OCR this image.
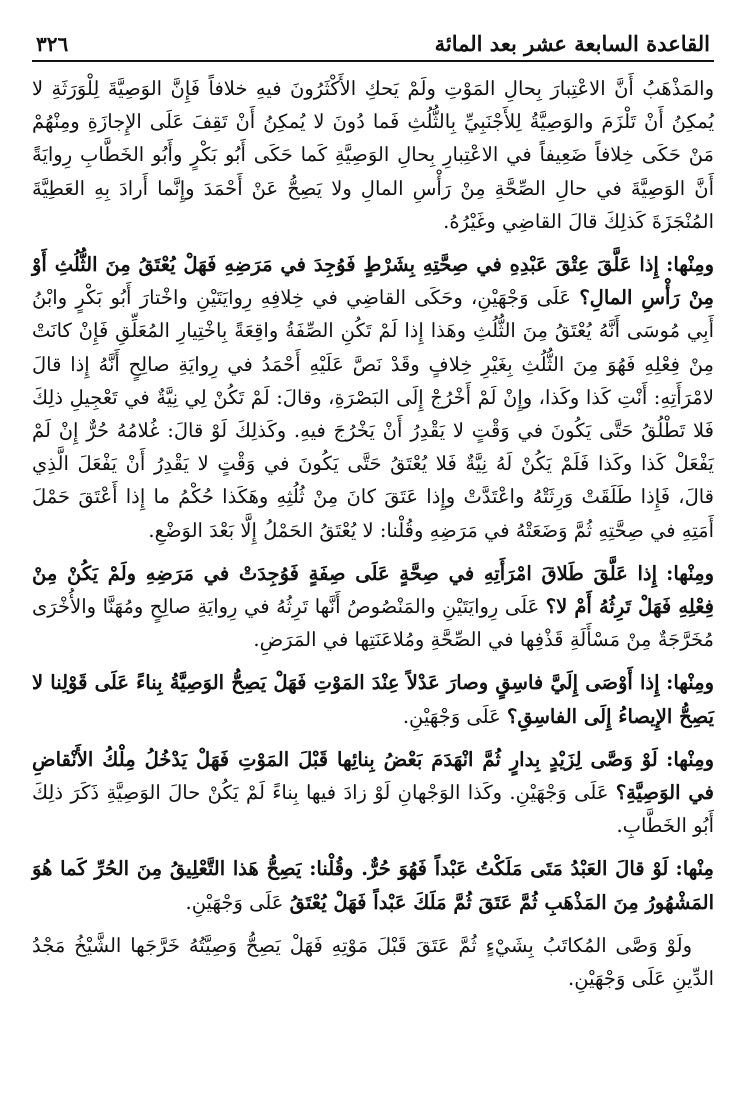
القاعدة السابعة عشر بعد المائة
٣٢٦

والمَذْهَبُ أَنَّ الاعْتِبارَ بِحالِ المَوْتِ ولَمْ يَحكِ الأَكْثَرُونَ فيهِ خلافاً فَإِنَّ الوَصِيَّةَ لِلْوَرَثَةِ لا يُمكِنُ أَنْ تَلْزَمَ والوَصِيَّةُ لِلأَجْنَبِيِّ بِالثُّلُثِ فَما دُونَ لا يُمكِنُ أَنْ تَقِفَ عَلَى الإِجازَةِ ومِنْهُمْ مَنْ حَكَى خِلافاً ضَعِيفاً في الاعْتِبارِ بِحالِ الوَصِيَّةِ كَما حَكَى أَبُو بَكْرٍ وأَبُو الخَطَّابِ رِوايَةً أَنَّ الوَصِيَّةَ في حالِ الصِّحَّةِ مِنْ رَأْسِ المالِ ولا يَصِحُّ عَنْ أَحْمَدَ وإِنَّما أَرادَ بِهِ العَطِيَّةَ المُنْجَزَةَ كَذلِكَ قالَ القاضِي وغَيْرُهُ.

ومِنْها: إِذا عَلَّقَ عِتْقَ عَبْدِهِ في صِحَّتِهِ بِشَرْطٍ فَوُجِدَ في مَرَضِهِ فَهَلْ يُعْتَقُ مِنَ الثُّلُثِ أَوْ مِنْ رَأْسِ المالِ؟ عَلَى وَجْهَيْنِ، وحَكَى القاضِي في خِلافِهِ رِوايَتَيْنِ واخْتارَ أَبُو بَكْرٍ وابْنُ أَبِي مُوسَى أَنَّهُ يُعْتَقُ مِنَ الثُّلُثِ وهَذا إِذا لَمْ تَكُنِ الصِّفَةُ واقِعَةً بِاخْتِيارِ المُعَلِّقِ فَإِنْ كانَتْ مِنْ فِعْلِهِ فَهُوَ مِنَ الثُّلُثِ بِغَيْرِ خِلافٍ وقَدْ نَصَّ عَلَيْهِ أَحْمَدُ في رِوايَةِ صالِحٍ أَنَّهُ إِذا قالَ لامْرَأَتِهِ: أَنْتِ كَذا وكَذا، وإِنْ لَمْ أَخْرُجْ إِلَى البَصْرَةِ، وقالَ: لَمْ تَكُنْ لِي نِيَّةٌ في تَعْجِيلِ ذلِكَ فَلا تَطْلُقُ حَتَّى يَكُونَ في وَقْتٍ لا يَقْدِرُ أَنْ يَخْرُجَ فيهِ. وكَذلِكَ لَوْ قالَ: غُلامُهُ حُرٌّ إِنْ لَمْ يَفْعَلْ كَذا وكَذا فَلَمْ يَكُنْ لَهُ نِيَّةٌ فَلا يُعْتَقُ حَتَّى يَكُونَ في وَقْتٍ لا يَقْدِرُ أَنْ يَفْعَلَ الَّذِي قالَ، فَإِذا طَلَقَتْ وَرِثَتْهُ واعْتَدَّتْ وإِذا عَتَقَ كانَ مِنْ ثُلُثِهِ وهَكَذا حُكْمُ ما إِذا أَعْتَقَ حَمْلَ أَمَتِهِ في صِحَّتِهِ ثُمَّ وَضَعَتْهُ في مَرَضِهِ وقُلْنا: لا يُعْتَقُ الحَمْلُ إِلَّا بَعْدَ الوَضْعِ.

ومِنْها: إِذا عَلَّقَ طَلاقَ امْرَأَتِهِ في صِحَّةٍ عَلَى صِفَةٍ فَوُجِدَتْ في مَرَضِهِ ولَمْ يَكُنْ مِنْ فِعْلِهِ فَهَلْ تَرِثُهُ أَمْ لا؟ عَلَى رِوايَتَيْنِ والمَنْصُوصُ أَنَّها تَرِثُهُ في رِوايَةِ صالِحٍ ومُهَنَّا والأُخْرَى مُخَرَّجَةٌ مِنْ مَسْأَلَةِ قَذْفِها في الصِّحَّةِ ومُلاعَنَتِها في المَرَضِ.

ومِنْها: إِذا أَوْصَى إِلَيَّ فاسِقٍ وصارَ عَدْلاً عِنْدَ المَوْتِ فَهَلْ يَصِحُّ الوَصِيَّةُ بِناءً عَلَى قَوْلِنا لا يَصِحُّ الإِيصاءُ إِلَى الفاسِقِ؟ عَلَى وَجْهَيْنِ.

ومِنْها: لَوْ وَصَّى لِزَيْدٍ بِدارٍ ثُمَّ انْهَدَمَ بَعْضُ بِنائِها قَبْلَ المَوْتِ فَهَلْ يَدْخُلُ مِلْكُ الأَنْقاضِ في الوَصِيَّةِ؟ عَلَى وَجْهَيْنِ. وكَذا الوَجْهانِ لَوْ زادَ فيها بِناءً لَمْ يَكُنْ حالَ الوَصِيَّةِ ذَكَرَ ذلِكَ أَبُو الخَطَّابِ.

مِنْها: لَوْ قالَ العَبْدُ مَتَى مَلَكْتُ عَبْداً فَهُوَ حُرٌّ. وقُلْنا: يَصِحُّ هَذا التَّعْلِيقُ مِنَ الحُرِّ كَما هُوَ المَشْهُورُ مِنَ المَذْهَبِ ثُمَّ عَتَقَ ثُمَّ مَلَكَ عَبْداً فَهَلْ يُعْتَقُ عَلَى وَجْهَيْنِ.

ولَوْ وَصَّى المُكاتَبُ بِشَيْءٍ ثُمَّ عَتَقَ قَبْلَ مَوْتِهِ فَهَلْ يَصِحُّ وَصِيَّتُهُ خَرَّجَها الشَّيْخُ مَجْدُ الدِّينِ عَلَى وَجْهَيْنِ.
